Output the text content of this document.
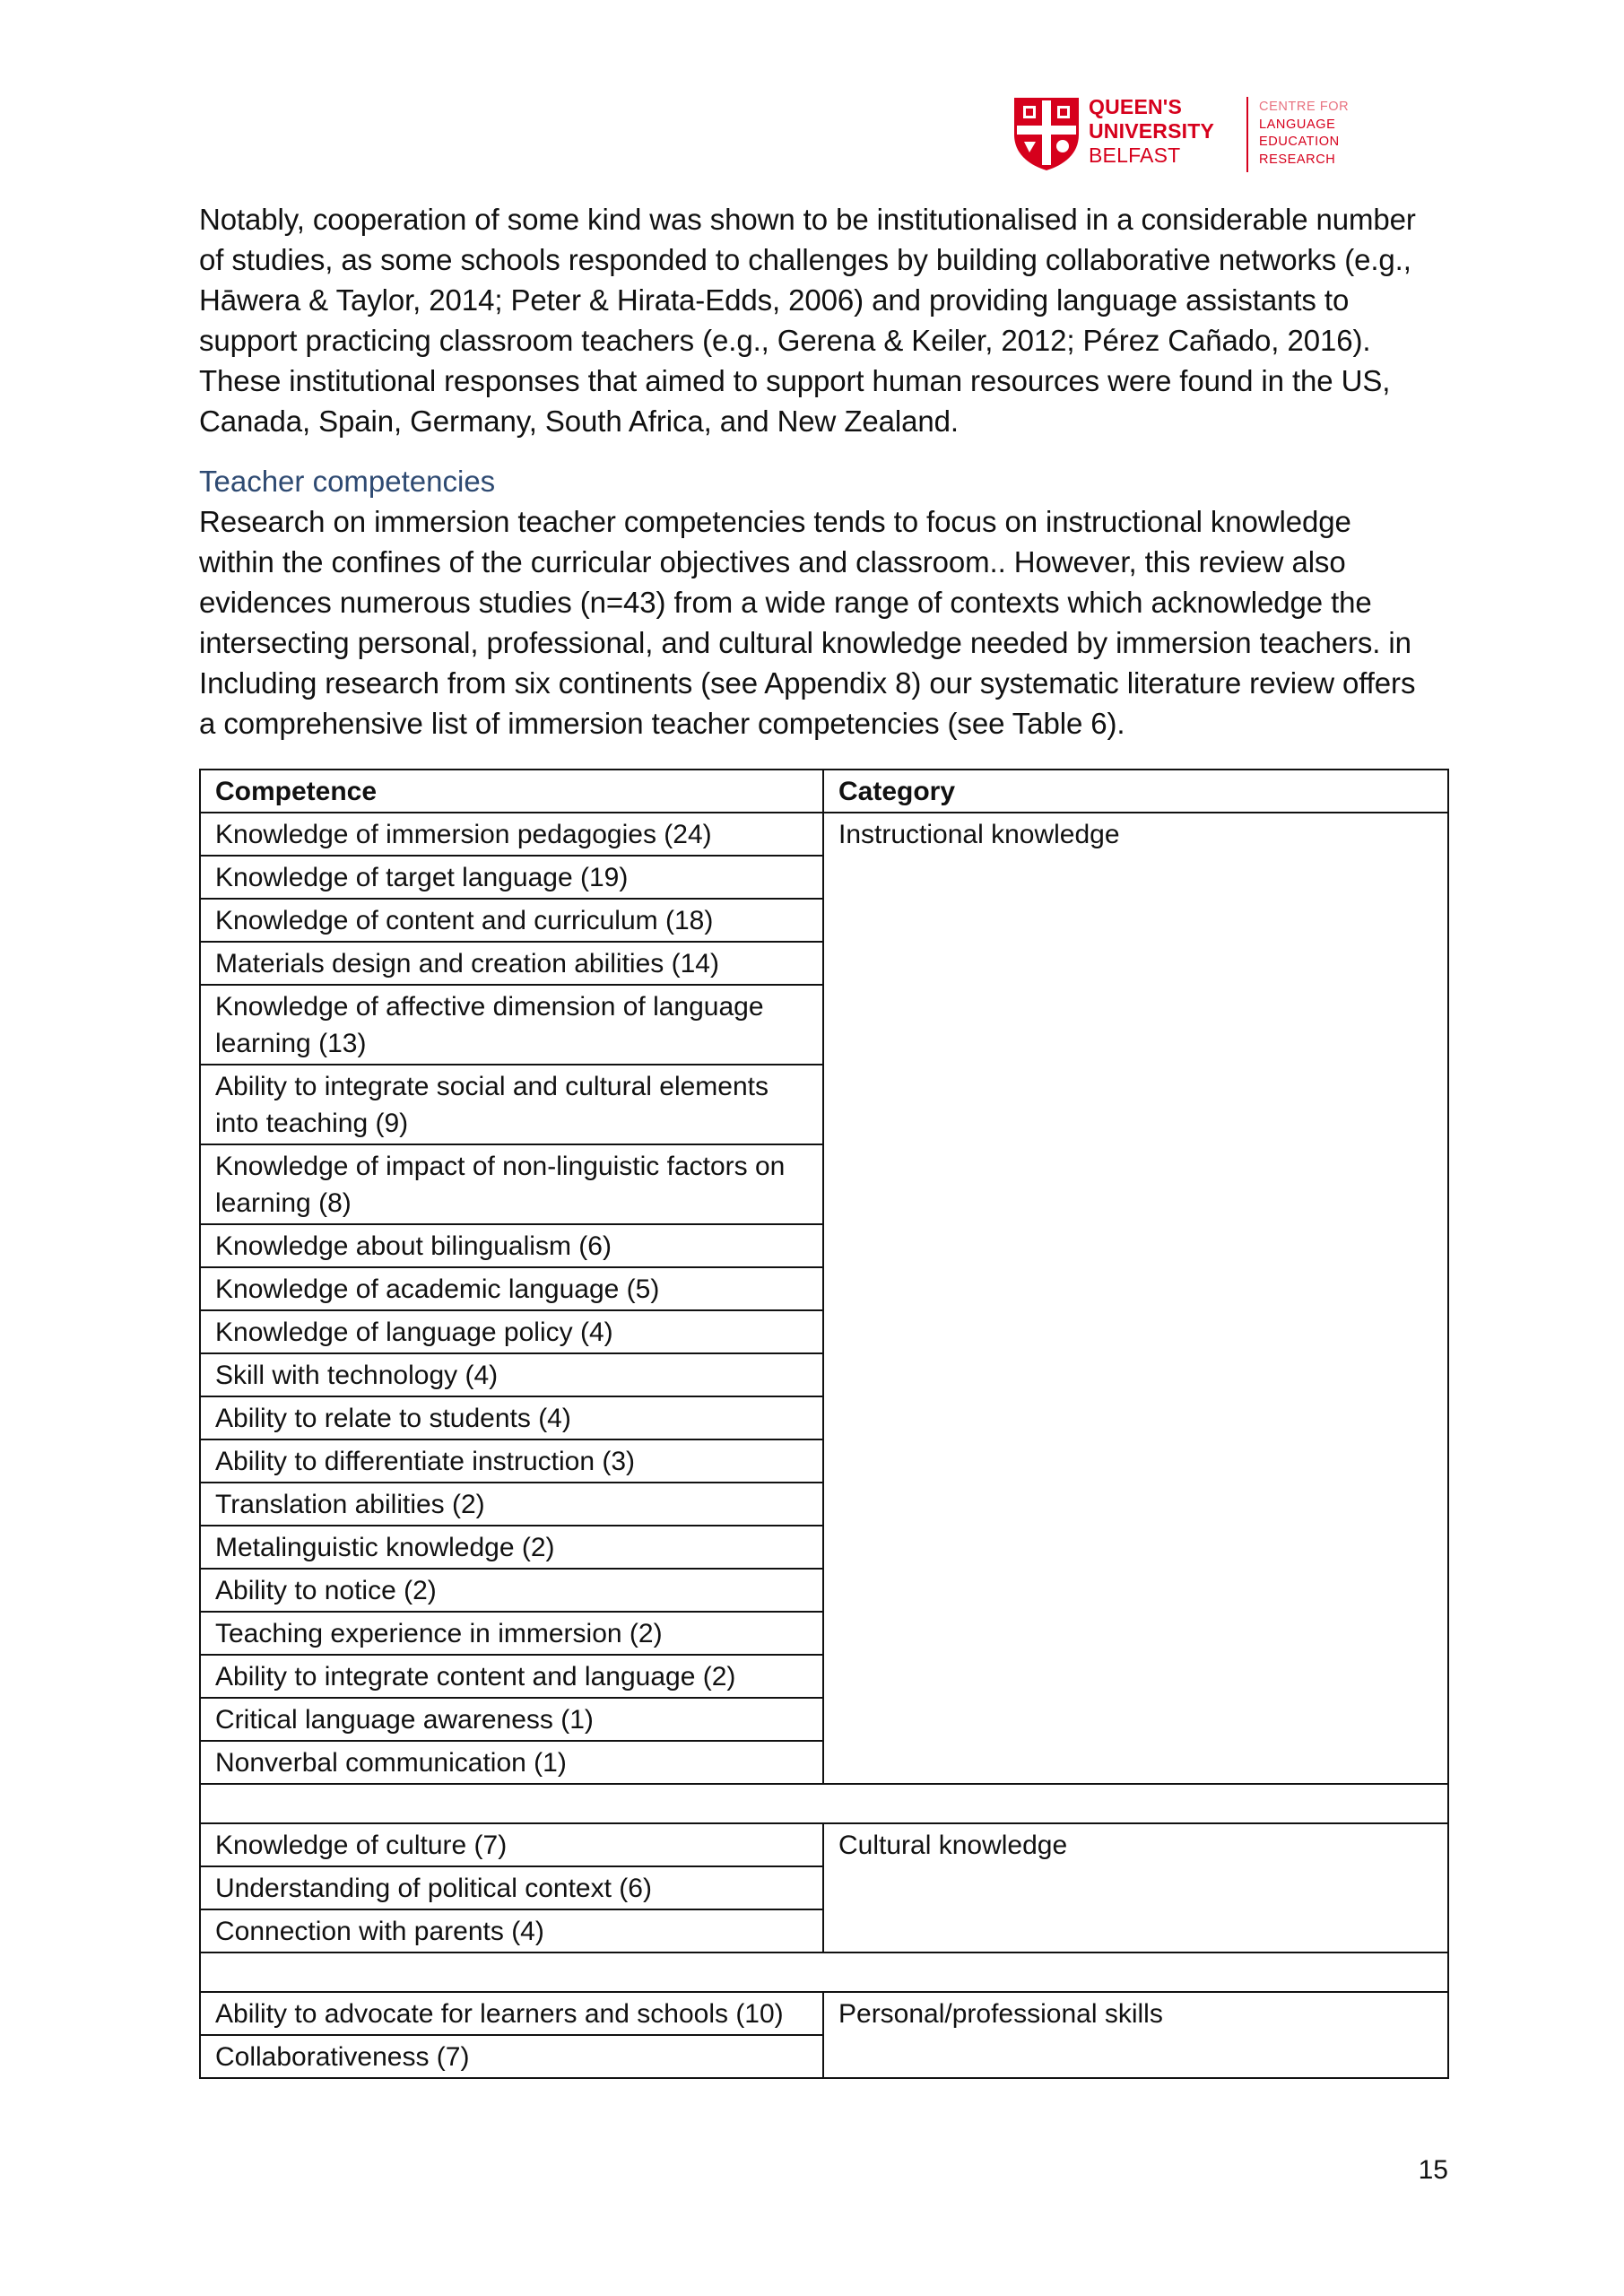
QUEEN'S
UNIVERSITY
BELFAST
CENTRE FOR
LANGUAGE
EDUCATION
RESEARCH

Notably, cooperation of some kind was shown to be institutionalised in a considerable number of studies, as some schools responded to challenges by building collaborative networks (e.g., Hāwera & Taylor, 2014; Peter & Hirata-Edds, 2006) and providing language assistants to support practicing classroom teachers (e.g., Gerena & Keiler, 2012; Pérez Cañado, 2016). These institutional responses that aimed to support human resources were found in the US, Canada, Spain, Germany, South Africa, and New Zealand.

Teacher competencies

Research on immersion teacher competencies tends to focus on instructional knowledge within the confines of the curricular objectives and classroom.. However, this review also evidences numerous studies (n=43) from a wide range of contexts which acknowledge the intersecting personal, professional, and cultural knowledge needed by immersion teachers. in Including research from six continents (see Appendix 8) our systematic literature review offers a comprehensive list of immersion teacher competencies (see Table 6).

Competence	Category
Knowledge of immersion pedagogies (24)	Instructional knowledge
Knowledge of target language (19)	
Knowledge of content and curriculum (18)	
Materials design and creation abilities (14)	
Knowledge of affective dimension of language learning (13)	
Ability to integrate social and cultural elements into teaching (9)	
Knowledge of impact of non-linguistic factors on learning (8)	
Knowledge about bilingualism (6)	
Knowledge of academic language (5)	
Knowledge of language policy (4)	
Skill with technology (4)	
Ability to relate to students (4)	
Ability to differentiate instruction (3)	
Translation abilities (2)	
Metalinguistic knowledge (2)	
Ability to notice (2)	
Teaching experience in immersion (2)	
Ability to integrate content and language (2)	
Critical language awareness (1)	
Nonverbal communication (1)	

Knowledge of culture (7)	Cultural knowledge
Understanding of political context (6)	
Connection with parents (4)	

Ability to advocate for learners and schools (10)	Personal/professional skills
Collaborativeness (7)	
15
